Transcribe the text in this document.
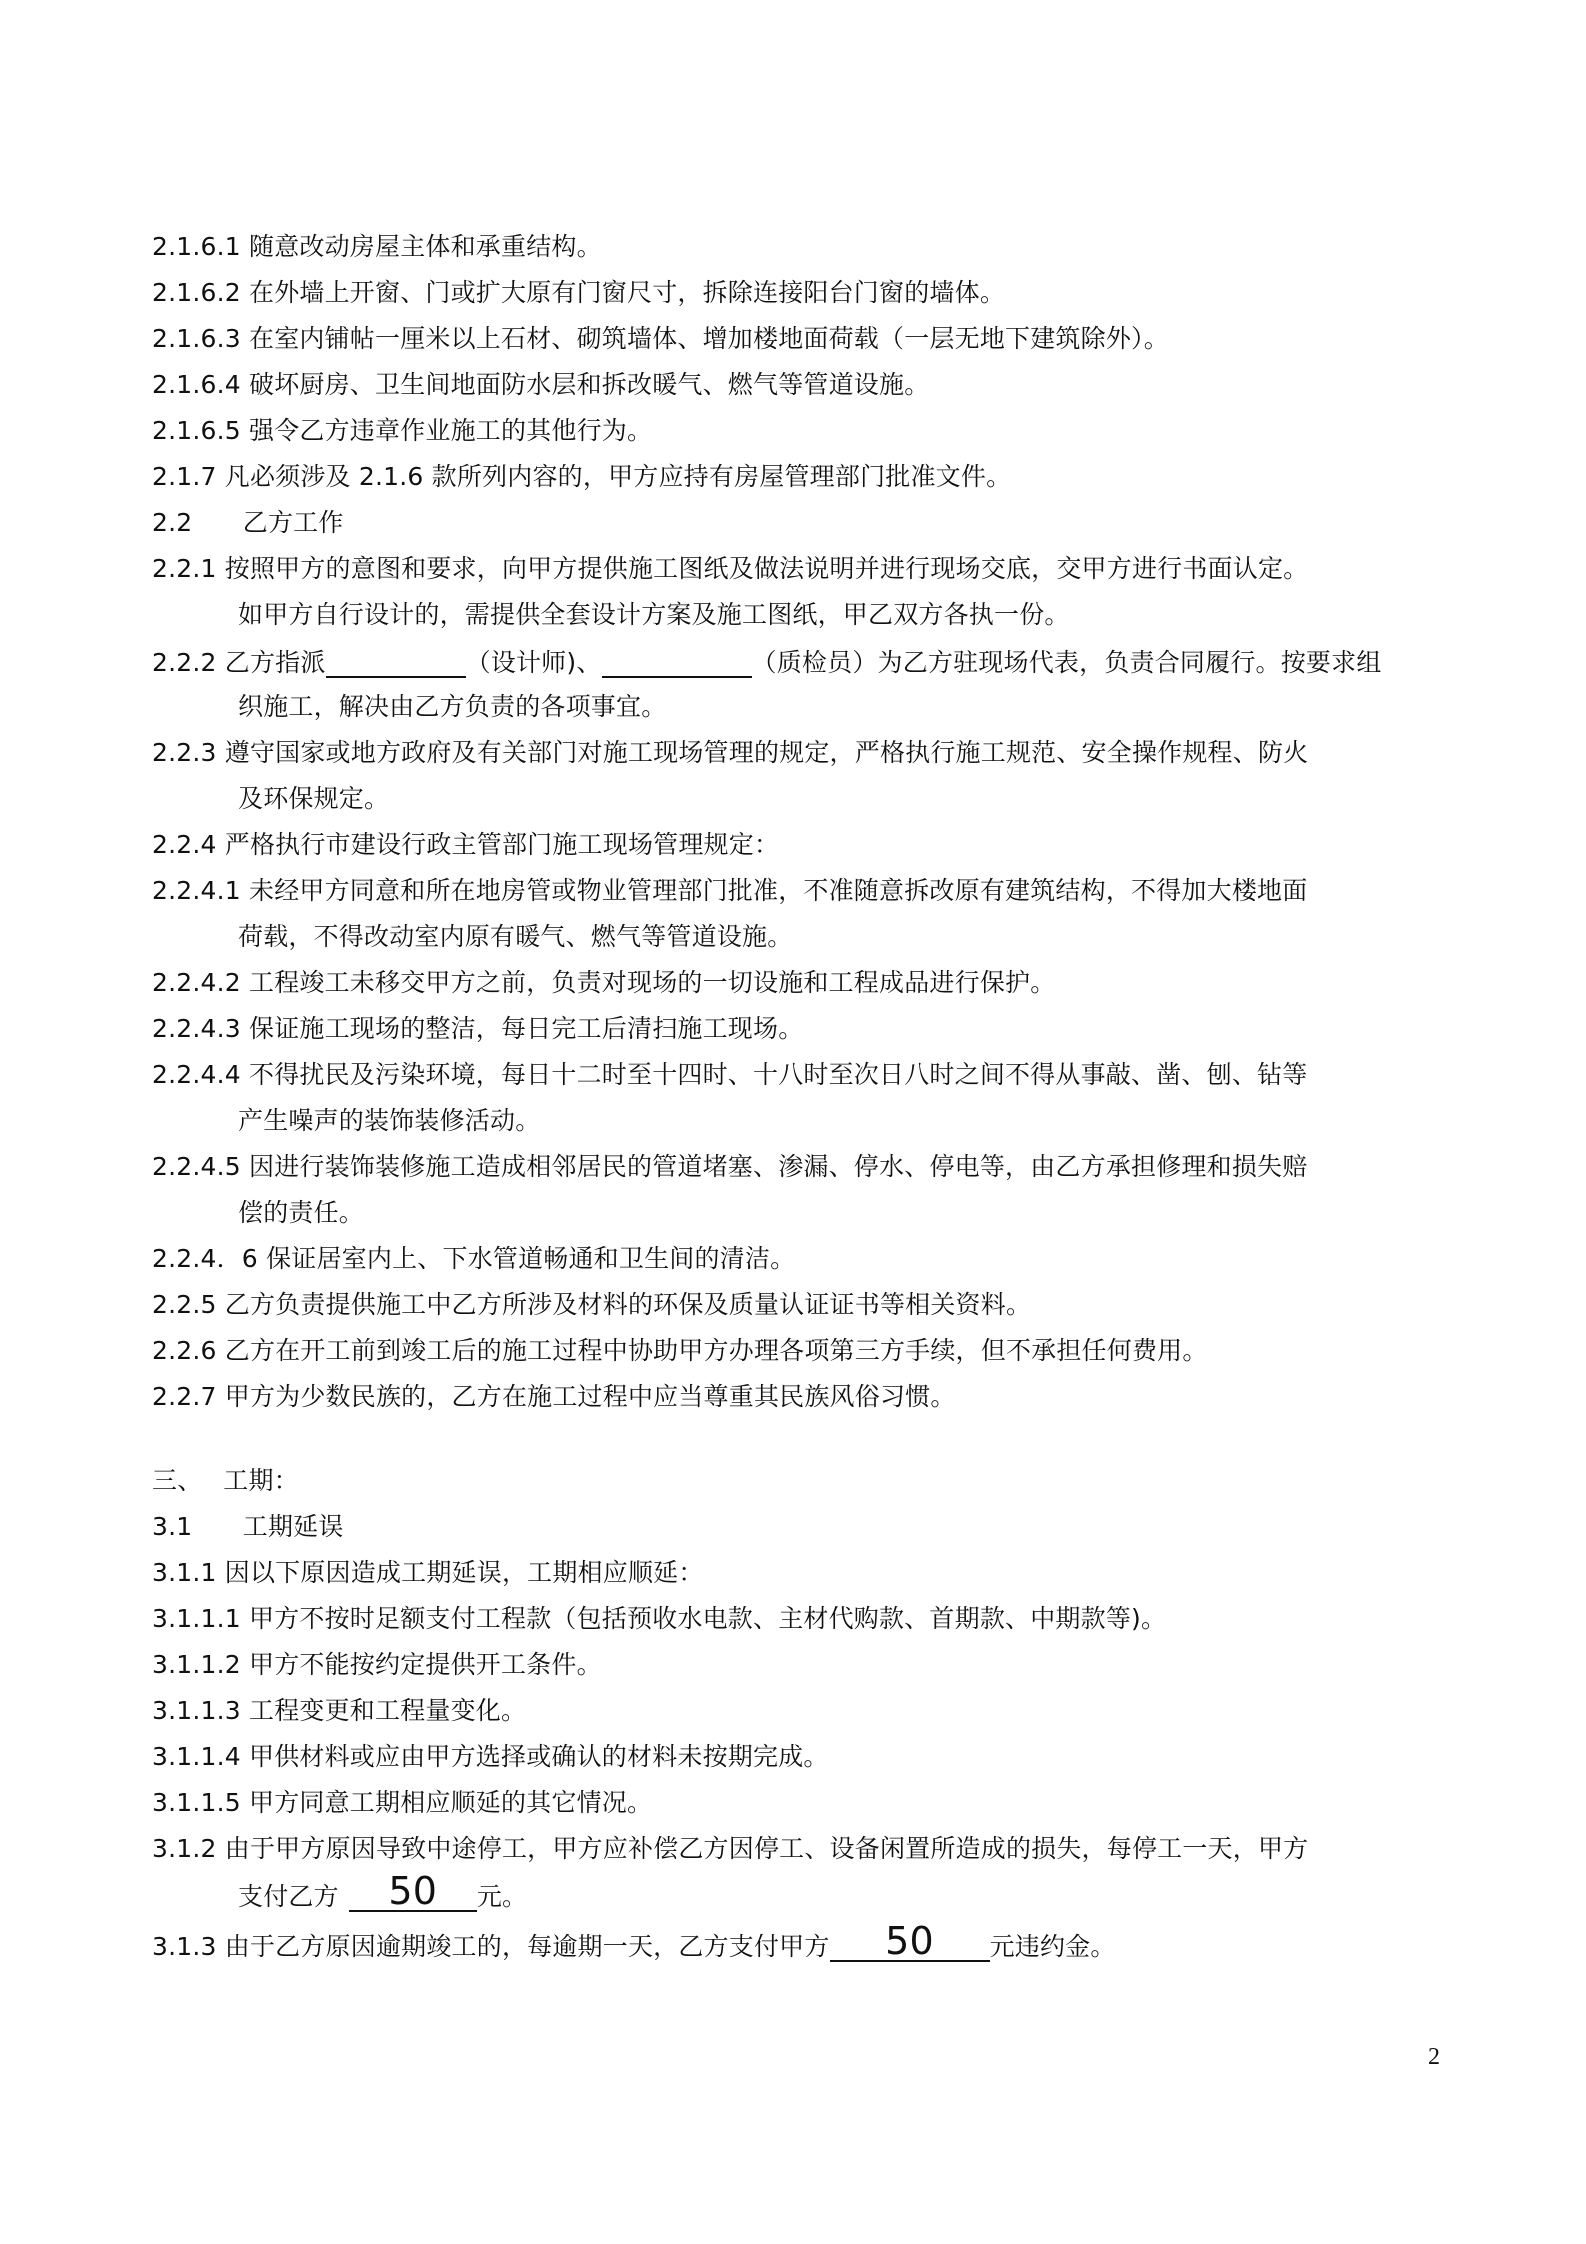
2.1.6.1 随意改动房屋主体和承重结构。
2.1.6.2 在外墙上开窗、门或扩大原有门窗尺寸，拆除连接阳台门窗的墙体。
2.1.6.3 在室内铺帖一厘米以上石材、砌筑墙体、增加楼地面荷载（一层无地下建筑除外）。
2.1.6.4 破坏厨房、卫生间地面防水层和拆改暖气、燃气等管道设施。
2.1.6.5 强令乙方违章作业施工的其他行为。
2.1.7 凡必须涉及 2.1.6 款所列内容的，甲方应持有房屋管理部门批准文件。
2.2　　乙方工作
2.2.1 按照甲方的意图和要求，向甲方提供施工图纸及做法说明并进行现场交底，交甲方进行书面认定。
如甲方自行设计的，需提供全套设计方案及施工图纸，甲乙双方各执一份。
2.2.2 乙方指派	（设计师)、	（质检员）为乙方驻现场代表，负责合同履行。按要求组
织施工，解决由乙方负责的各项事宜。
2.2.3 遵守国家或地方政府及有关部门对施工现场管理的规定，严格执行施工规范、安全操作规程、防火
及环保规定。
2.2.4 严格执行市建设行政主管部门施工现场管理规定：
2.2.4.1 未经甲方同意和所在地房管或物业管理部门批准，不准随意拆改原有建筑结构，不得加大楼地面
荷载，不得改动室内原有暖气、燃气等管道设施。
2.2.4.2 工程竣工未移交甲方之前，负责对现场的一切设施和工程成品进行保护。
2.2.4.3 保证施工现场的整洁，每日完工后清扫施工现场。
2.2.4.4 不得扰民及污染环境，每日十二时至十四时、十八时至次日八时之间不得从事敲、凿、刨、钻等
产生噪声的装饰装修活动。
2.2.4.5 因进行装饰装修施工造成相邻居民的管道堵塞、渗漏、停水、停电等，由乙方承担修理和损失赔
偿的责任。
2.2.4．6 保证居室内上、下水管道畅通和卫生间的清洁。
2.2.5 乙方负责提供施工中乙方所涉及材料的环保及质量认证证书等相关资料。
2.2.6 乙方在开工前到竣工后的施工过程中协助甲方办理各项第三方手续，但不承担任何费用。
2.2.7 甲方为少数民族的，乙方在施工过程中应当尊重其民族风俗习惯。
三、　 工期：
3.1　　工期延误
3.1.1 因以下原因造成工期延误，工期相应顺延：
3.1.1.1 甲方不按时足额支付工程款（包括预收水电款、主材代购款、首期款、中期款等)。
3.1.1.2 甲方不能按约定提供开工条件。
3.1.1.3 工程变更和工程量变化。
3.1.1.4 甲供材料或应由甲方选择或确认的材料未按期完成。
3.1.1.5 甲方同意工期相应顺延的其它情况。
3.1.2 由于甲方原因导致中途停工，甲方应补偿乙方因停工、设备闲置所造成的损失，每停工一天，甲方
支付乙方 50 元。
3.1.3 由于乙方原因逾期竣工的，每逾期一天，乙方支付甲方 50 元违约金。
2
